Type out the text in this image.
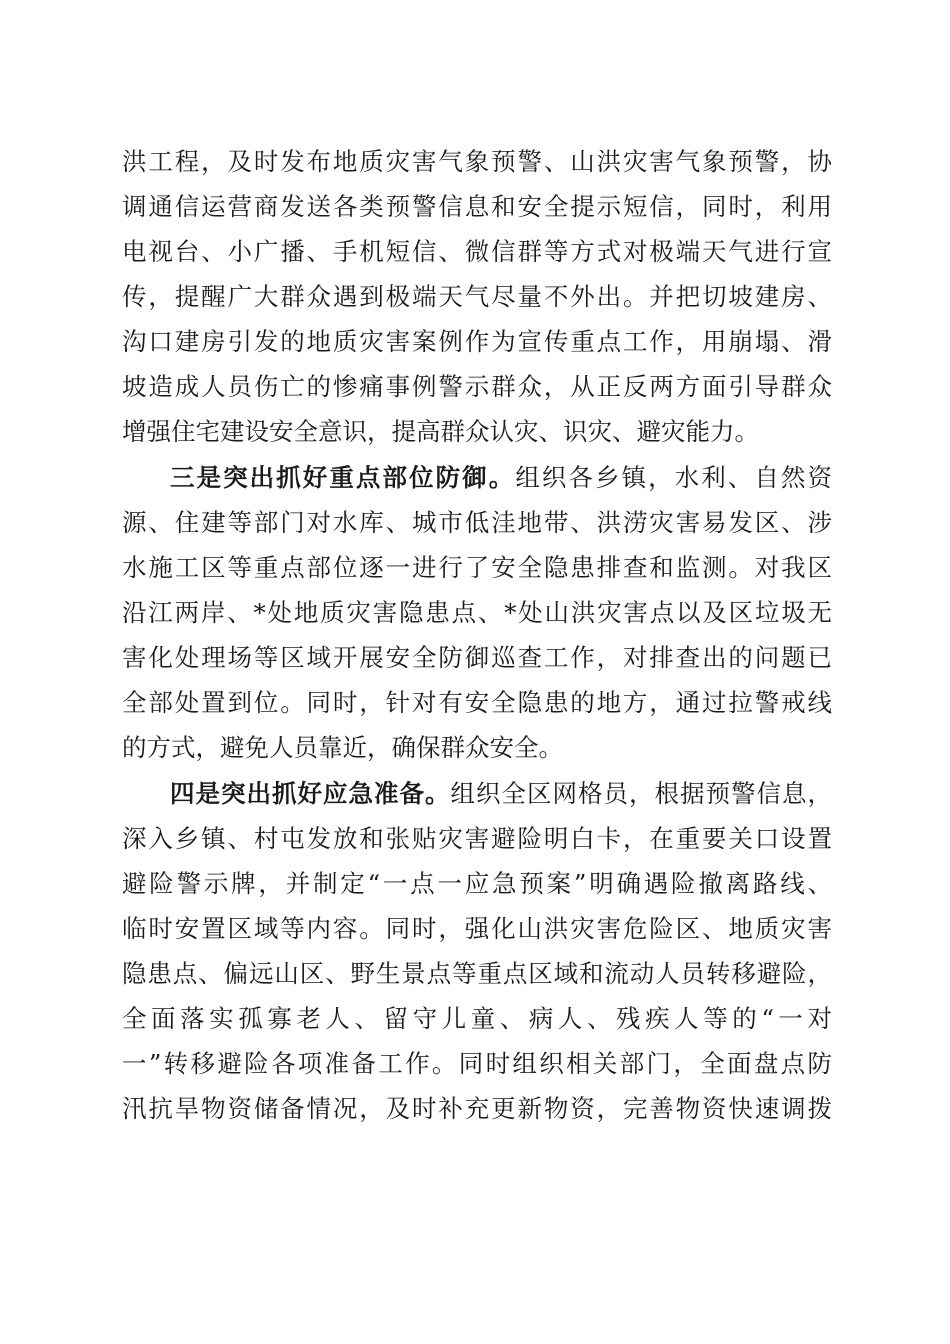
洪工程，及时发布地质灾害气象预警、山洪灾害气象预警，协
调通信运营商发送各类预警信息和安全提示短信，同时，利用
电视台、小广播、手机短信、微信群等方式对极端天气进行宣
传，提醒广大群众遇到极端天气尽量不外出。并把切坡建房、
沟口建房引发的地质灾害案例作为宣传重点工作，用崩塌、滑
坡造成人员伤亡的惨痛事例警示群众，从正反两方面引导群众
增强住宅建设安全意识，提高群众认灾、识灾、避灾能力。
三是突出抓好重点部位防御。组织各乡镇，水利、自然资
源、住建等部门对水库、城市低洼地带、洪涝灾害易发区、涉
水施工区等重点部位逐一进行了安全隐患排查和监测。对我区
沿江两岸、*处地质灾害隐患点、*处山洪灾害点以及区垃圾无
害化处理场等区域开展安全防御巡查工作，对排查出的问题已
全部处置到位。同时，针对有安全隐患的地方，通过拉警戒线
的方式，避免人员靠近，确保群众安全。
四是突出抓好应急准备。组织全区网格员，根据预警信息，
深入乡镇、村屯发放和张贴灾害避险明白卡，在重要关口设置
避险警示牌，并制定“一点一应急预案”明确遇险撤离路线、
临时安置区域等内容。同时，强化山洪灾害危险区、地质灾害
隐患点、偏远山区、野生景点等重点区域和流动人员转移避险，
全面落实孤寡老人、留守儿童、病人、残疾人等的“一对
一”转移避险各项准备工作。同时组织相关部门，全面盘点防
汛抗旱物资储备情况，及时补充更新物资，完善物资快速调拨
